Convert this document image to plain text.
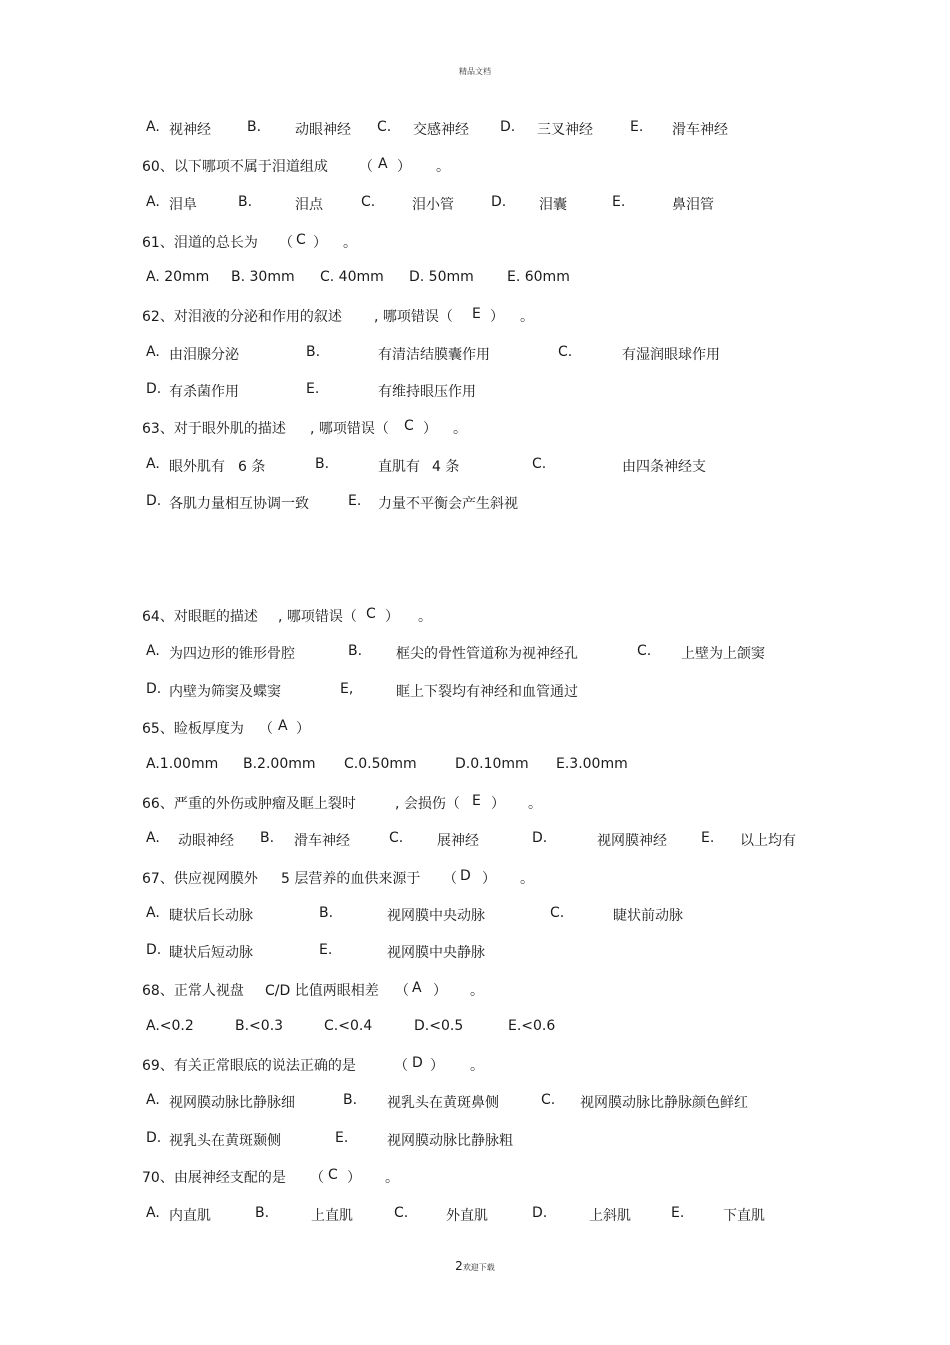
精品文档
A. 视神经	B. 动眼神经 C. 交感神经 D. 三叉神经	E. 滑车神经
60、以下哪项不属于泪道组成 （ A ） 。
A. 泪阜	B.	泪点	C.	泪小管	D. 泪囊	E.	鼻泪管
61、泪道的总长为 （ C ） 。
A. 20mm B. 30mm C. 40mm D. 50mm E. 60mm
62、对泪液的分泌和作用的叙述 , 哪项错误（ E ） 。
A. 由泪腺分泌	B.	有清洁结膜囊作用	C.	有湿润眼球作用
D. 有杀菌作用	E.	有维持眼压作用
63、对于眼外肌的描述 , 哪项错误（ C ） 。
A. 眼外肌有 6 条	B.	直肌有 4 条	C.	由四条神经支
D. 各肌力量相互协调一致	E. 力量不平衡会产生斜视
64、对眼眶的描述 , 哪项错误（ C ） 。
A. 为四边形的锥形骨腔	B. 框尖的骨性管道称为视神经孔	C. 上壁为上颌窦
D. 内壁为筛窦及蝶窦	E,	眶上下裂均有神经和血管通过
65、睑板厚度为 （ A ）
A.1.00mm B.2.00mm C.0.50mm	D.0.10mm E.3.00mm
66、严重的外伤或肿瘤及眶上裂时	, 会损伤（ E ） 。
A. 动眼神经 B. 滑车神经	C. 展神经	D.	视网膜神经 E. 以上均有
67、供应视网膜外 5 层营养的血供来源于 （ D ） 。
A. 睫状后长动脉	B.	视网膜中央动脉	C.	睫状前动脉
D. 睫状后短动脉	E.	视网膜中央静脉
68、正常人视盘 C/D 比值两眼相差 （ A ） 。
A.<0.2	B.<0.3	C.<0.4	D.<0.5	E.<0.6
69、有关正常眼底的说法正确的是	（ D ） 。
A. 视网膜动脉比静脉细	B. 视乳头在黄斑鼻侧	C. 视网膜动脉比静脉颜色鲜红
D. 视乳头在黄斑颞侧	E.	视网膜动脉比静脉粗
70、由展神经支配的是 （ C ） 。
A. 内直肌	B.	上直肌	C.	外直肌	D.	上斜肌	E.	下直肌
2欢迎下载
